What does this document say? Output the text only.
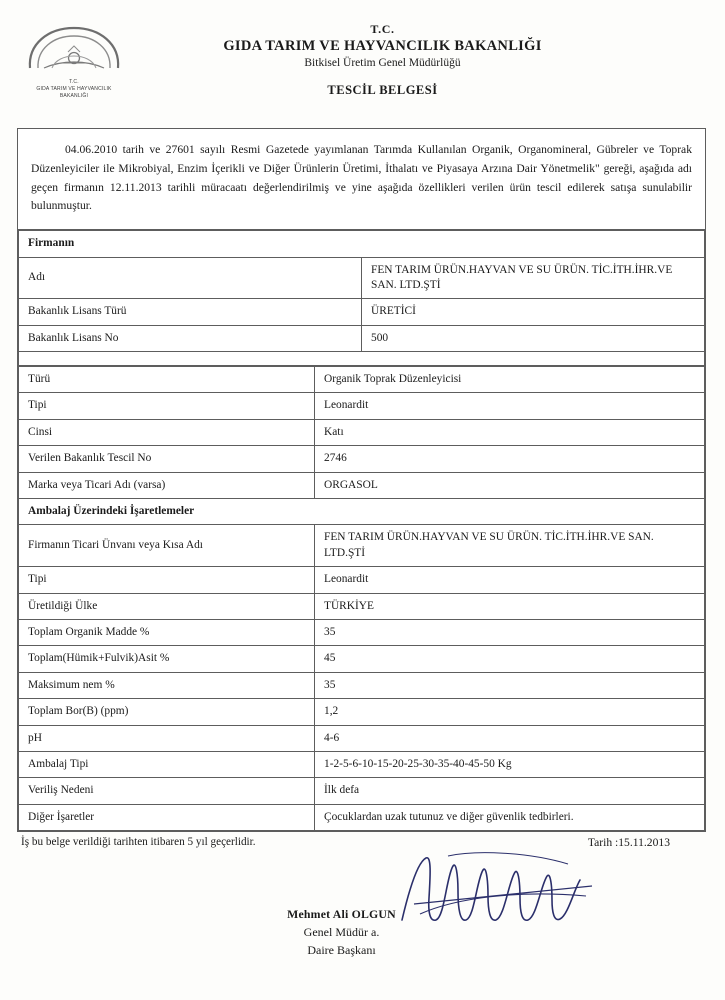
T.C.
GIDA TARIM VE HAYVANCILIK
BAKANLIĞI
T.C.
GIDA TARIM VE HAYVANCILIK BAKANLIĞI
Bitkisel Üretim Genel Müdürlüğü
TESCİL BELGESİ
04.06.2010 tarih ve 27601 sayılı Resmi Gazetede yayımlanan Tarımda Kullanılan Organik, Organomineral, Gübreler ve Toprak Düzenleyiciler ile Mikrobiyal, Enzim İçerikli ve Diğer Ürünlerin Üretimi, İthalatı ve Piyasaya Arzına Dair Yönetmelik" gereği, aşağıda adı geçen firmanın 12.11.2013 tarihli müracaatı değerlendirilmiş ve yine aşağıda özellikleri verilen ürün tescil edilerek satışa sunulabilir bulunmuştur.
Firmanın	
Adı	FEN TARIM ÜRÜN.HAYVAN VE SU ÜRÜN. TİC.İTH.İHR.VE SAN. LTD.ŞTİ
Bakanlık Lisans Türü	ÜRETİCİ
Bakanlık Lisans No	500
Türü	Organik Toprak Düzenleyicisi
Tipi	Leonardit
Cinsi	Katı
Verilen Bakanlık Tescil No	2746
Marka veya Ticari Adı (varsa)	ORGASOL
Ambalaj Üzerindeki İşaretlemeler	
Firmanın Ticari Ünvanı veya Kısa Adı	FEN TARIM ÜRÜN.HAYVAN VE SU ÜRÜN. TİC.İTH.İHR.VE SAN. LTD.ŞTİ
Tipi	Leonardit
Üretildiği Ülke	TÜRKİYE
Toplam Organik Madde %	35
Toplam(Hümik+Fulvik)Asit %	45
Maksimum nem %	35
Toplam Bor(B) (ppm)	1,2
pH	4-6
Ambalaj Tipi	1-2-5-6-10-15-20-25-30-35-40-45-50 Kg
Veriliş Nedeni	İlk defa
Diğer İşaretler	Çocuklardan uzak tutunuz ve diğer güvenlik tedbirleri.
İş bu belge verildiği tarihten itibaren 5 yıl geçerlidir.	Tarih :15.11.2013
Mehmet Ali OLGUN
Genel Müdür a.
Daire Başkanı
